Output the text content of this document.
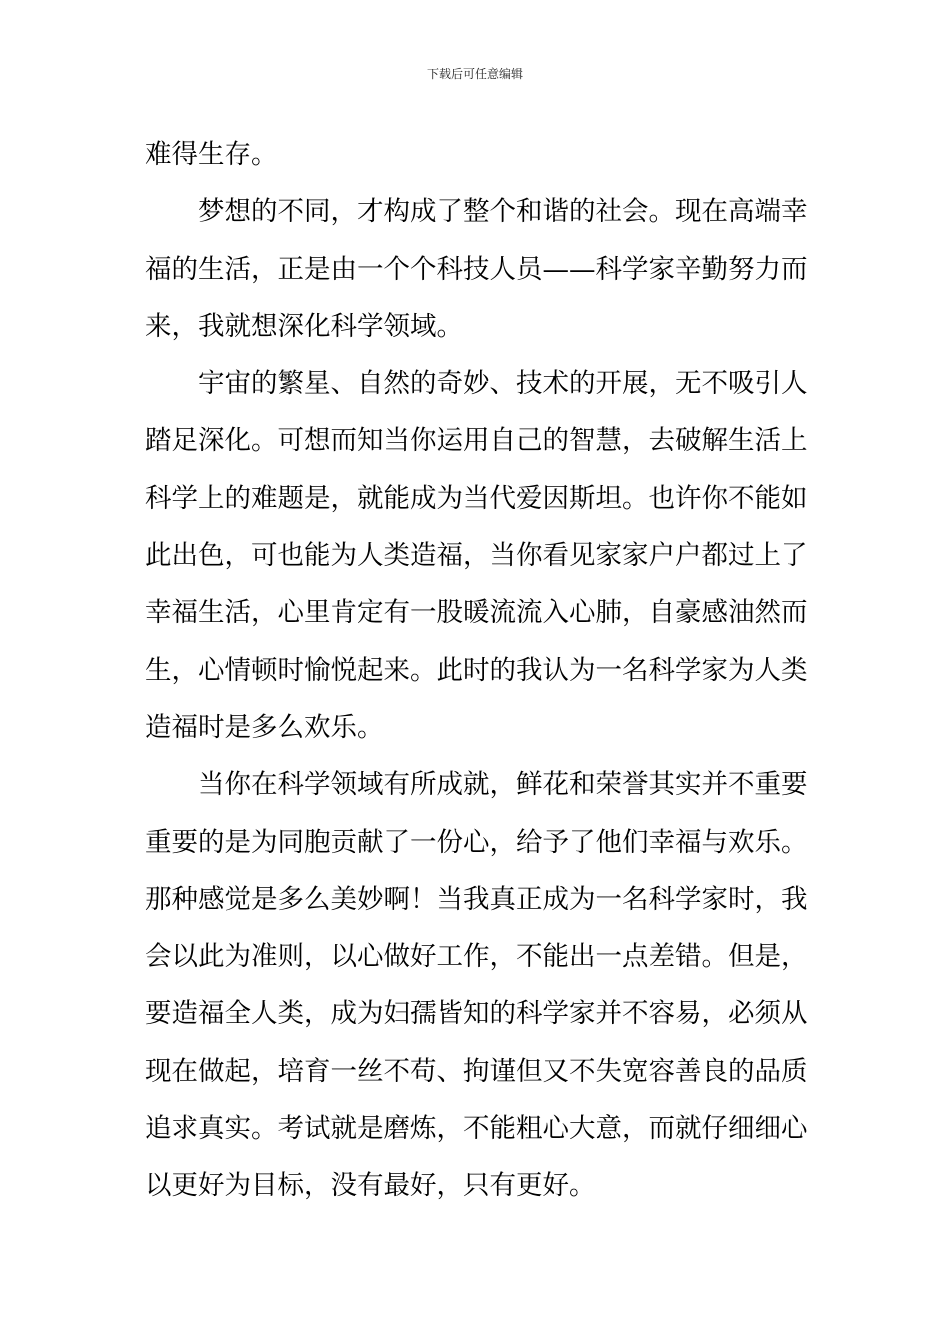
下载后可任意编辑
难得生存。
梦想的不同，才构成了整个和谐的社会。现在高端幸
福的生活，正是由一个个科技人员——科学家辛勤努力而
来，我就想深化科学领域。
宇宙的繁星、自然的奇妙、技术的开展，无不吸引人
踏足深化。可想而知当你运用自己的智慧，去破解生活上
科学上的难题是，就能成为当代爱因斯坦。也许你不能如
此出色，可也能为人类造福，当你看见家家户户都过上了
幸福生活，心里肯定有一股暖流流入心肺，自豪感油然而
生，心情顿时愉悦起来。此时的我认为一名科学家为人类
造福时是多么欢乐。
当你在科学领域有所成就，鲜花和荣誉其实并不重要
重要的是为同胞贡献了一份心，给予了他们幸福与欢乐。
那种感觉是多么美妙啊！当我真正成为一名科学家时，我
会以此为准则，以心做好工作，不能出一点差错。但是，
要造福全人类，成为妇孺皆知的科学家并不容易，必须从
现在做起，培育一丝不苟、拘谨但又不失宽容善良的品质
追求真实。考试就是磨炼，不能粗心大意，而就仔细细心
以更好为目标，没有最好，只有更好。
